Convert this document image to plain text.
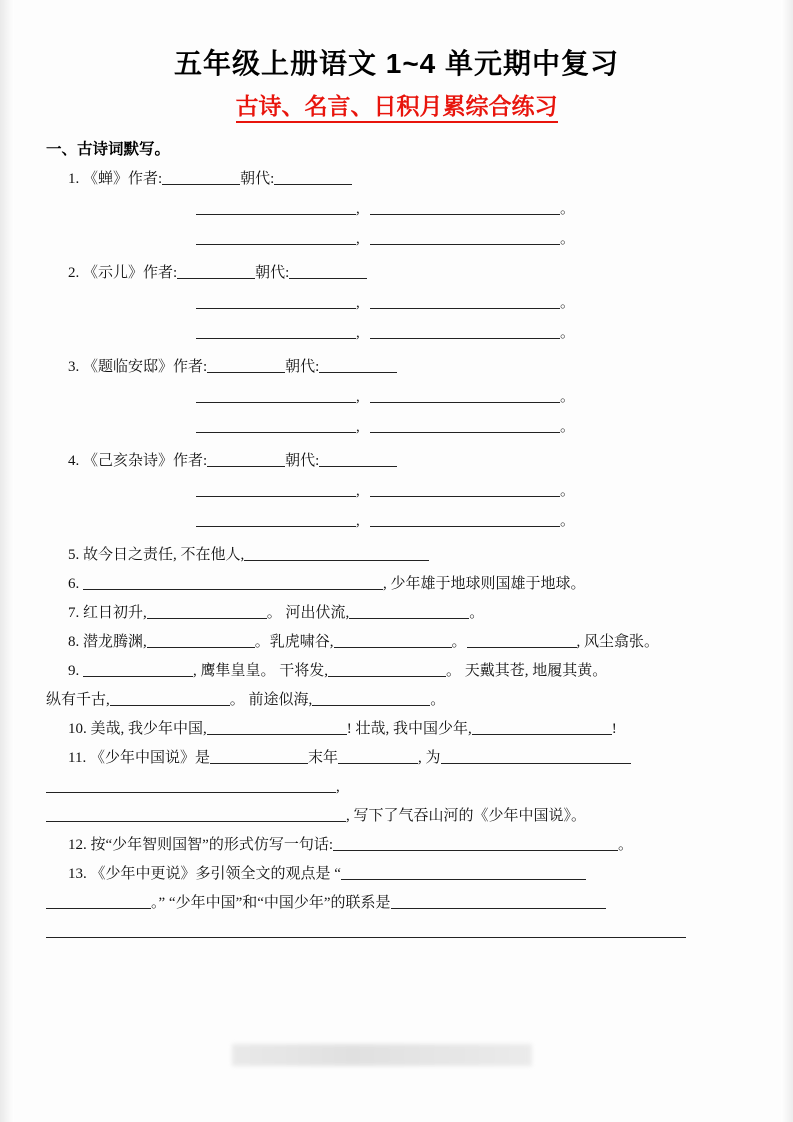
五年级上册语文 1~4 单元期中复习
古诗、名言、日积月累综合练习
一、古诗词默写。
1. 《蝉》作者:	朝代:
,	。
,	。
2. 《示儿》作者:	朝代:
,	。
,	。
3. 《题临安邸》作者:	朝代:
,	。
,	。
4. 《己亥杂诗》作者:	朝代:
,	。
,	。
5. 故今日之责任, 不在他人,
6.	, 少年雄于地球则国雄于地球。
7. 红日初升,	。 河出伏流,	。
8. 潜龙腾渊,	。乳虎啸谷,	。	, 风尘翕张。
9.	, 鹰隼皇皇。 干将发,	。 天戴其苍, 地履其黄。
纵有千古,	。 前途似海,	。
10. 美哉, 我少年中国,	! 壮哉, 我中国少年,	!
11. 《少年中国说》是	末年	, 为
,
, 写下了气吞山河的《少年中国说》。
12. 按“少年智则国智”的形式仿写一句话:	。
13. 《少年中更说》多引领全文的观点是 “
。” “少年中国”和“中国少年”的联系是
